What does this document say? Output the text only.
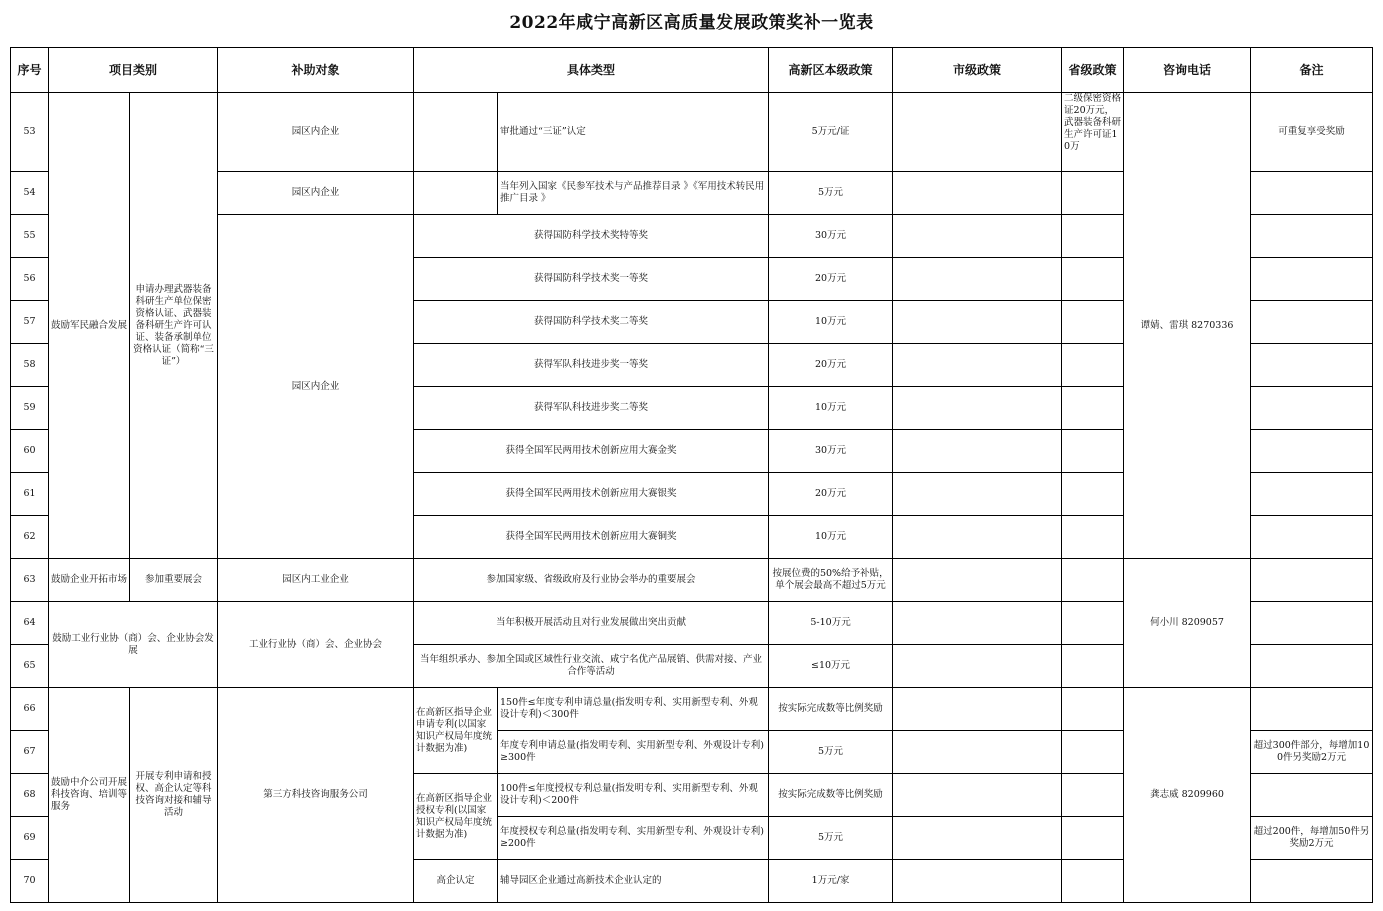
2022年咸宁高新区高质量发展政策奖补一览表
序号	项目类别		补助对象	具体类型		高新区本级政策	市级政策	省级政策	咨询电话	备注
53	鼓励军民融合发展	申请办理武器装备科研生产单位保密资格认证、武器装备科研生产许可认证、装备承制单位资格认证（简称“三证”）	园区内企业		审批通过“三证”认定	5万元/证		二级保密资格证20万元，武器装备科研生产许可证10万	谭婧、雷琪 8270336	可重复享受奖励
54			园区内企业		当年列入国家《民参军技术与产品推荐目录 》《军用技术转民用推广目录 》	5万元				
55			园区内企业	获得国防科学技术奖特等奖		30万元				
56				获得国防科学技术奖一等奖		20万元				
57				获得国防科学技术奖二等奖		10万元				
58				获得军队科技进步奖一等奖		20万元				
59				获得军队科技进步奖二等奖		10万元				
60				获得全国军民两用技术创新应用大赛金奖		30万元				
61				获得全国军民两用技术创新应用大赛银奖		20万元				
62				获得全国军民两用技术创新应用大赛铜奖		10万元				
63	鼓励企业开拓市场	参加重要展会	园区内工业企业	参加国家级、省级政府及行业协会举办的重要展会		按展位费的50%给予补贴，单个展会最高不超过5万元			何小川 8209057	
64	鼓励工业行业协（商）会、企业协会发展		工业行业协（商）会、企业协会	当年积极开展活动且对行业发展做出突出贡献		5-10万元				
65				当年组织承办、参加全国或区域性行业交流、咸宁名优产品展销、供需对接、产业合作等活动		≤10万元				
66	鼓励中介公司开展科技咨询、培训等服务	开展专利申请和授权、高企认定等科技咨询对接和辅导活动	第三方科技咨询服务公司	在高新区指导企业申请专利(以国家知识产权局年度统计数据为准)	150件≤年度专利申请总量(指发明专利、实用新型专利、外观设计专利)＜300件	按实际完成数等比例奖励			龚志威 8209960	
67					年度专利申请总量(指发明专利、实用新型专利、外观设计专利)≥300件	5万元				超过300件部分，每增加100件另奖励2万元
68				在高新区指导企业授权专利(以国家知识产权局年度统计数据为准)	100件≤年度授权专利总量(指发明专利、实用新型专利、外观设计专利)＜200件	按实际完成数等比例奖励				
69					年度授权专利总量(指发明专利、实用新型专利、外观设计专利)≥200件	5万元				超过200件，每增加50件另奖励2万元
70				高企认定	辅导园区企业通过高新技术企业认定的	1万元/家				
